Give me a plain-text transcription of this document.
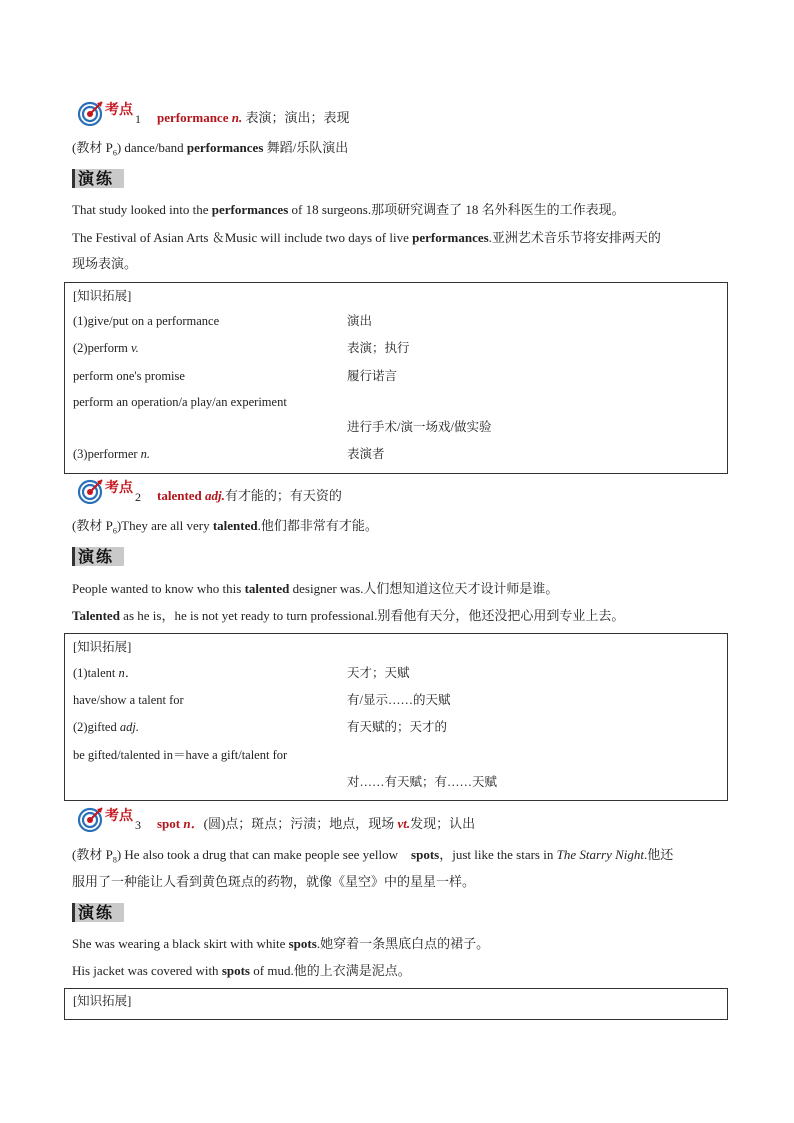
考点
1 performance n. 表演；演出；表现
(教材 $P_6$) dance/band performances 舞蹈/乐队演出
演练
That study looked into the performances of 18 surgeons.那项研究调查了 18 名外科医生的工作表现。
The Festival of Asian Arts ＆Music will include two days of live performances.亚洲艺术音乐节将安排两天的
现场表演。
[知识拓展]
(1)give/put on a performance	演出
(2)perform v.	表演；执行
perform one's promise	履行诺言
perform an operation/a play/an experiment
进行手术/演一场戏/做实验
(3)performer n.	表演者
考点
2 talented adj.有才能的；有天资的
(教材 $P_6)They$ are all very talented.他们都非常有才能。
演练
People wanted to know who this talented designer was.人们想知道这位天才设计师是谁。
Talented as he is，he is not yet ready to turn professional.别看他有天分，他还没把心用到专业上去。
[知识拓展]
(1)talent n．	天才；天赋
have/show a talent for	有/显示……的天赋
(2)gifted adj.	有天赋的；天才的
be gifted/talented in＝have a gift/talent for
对……有天赋；有……天赋
考点
3 spot n．(圆)点；斑点；污渍；地点，现场 vt.发现；认出
(教材 $P_8$) He also took a drug that can make people see yellow　spots，just like the stars in The Starry Night.他还
服用了一种能让人看到黄色斑点的药物，就像《星空》中的星星一样。
演练
She was wearing a black skirt with white spots.她穿着一条黑底白点的裙子。
His jacket was covered with spots of mud.他的上衣满是泥点。
[知识拓展]
